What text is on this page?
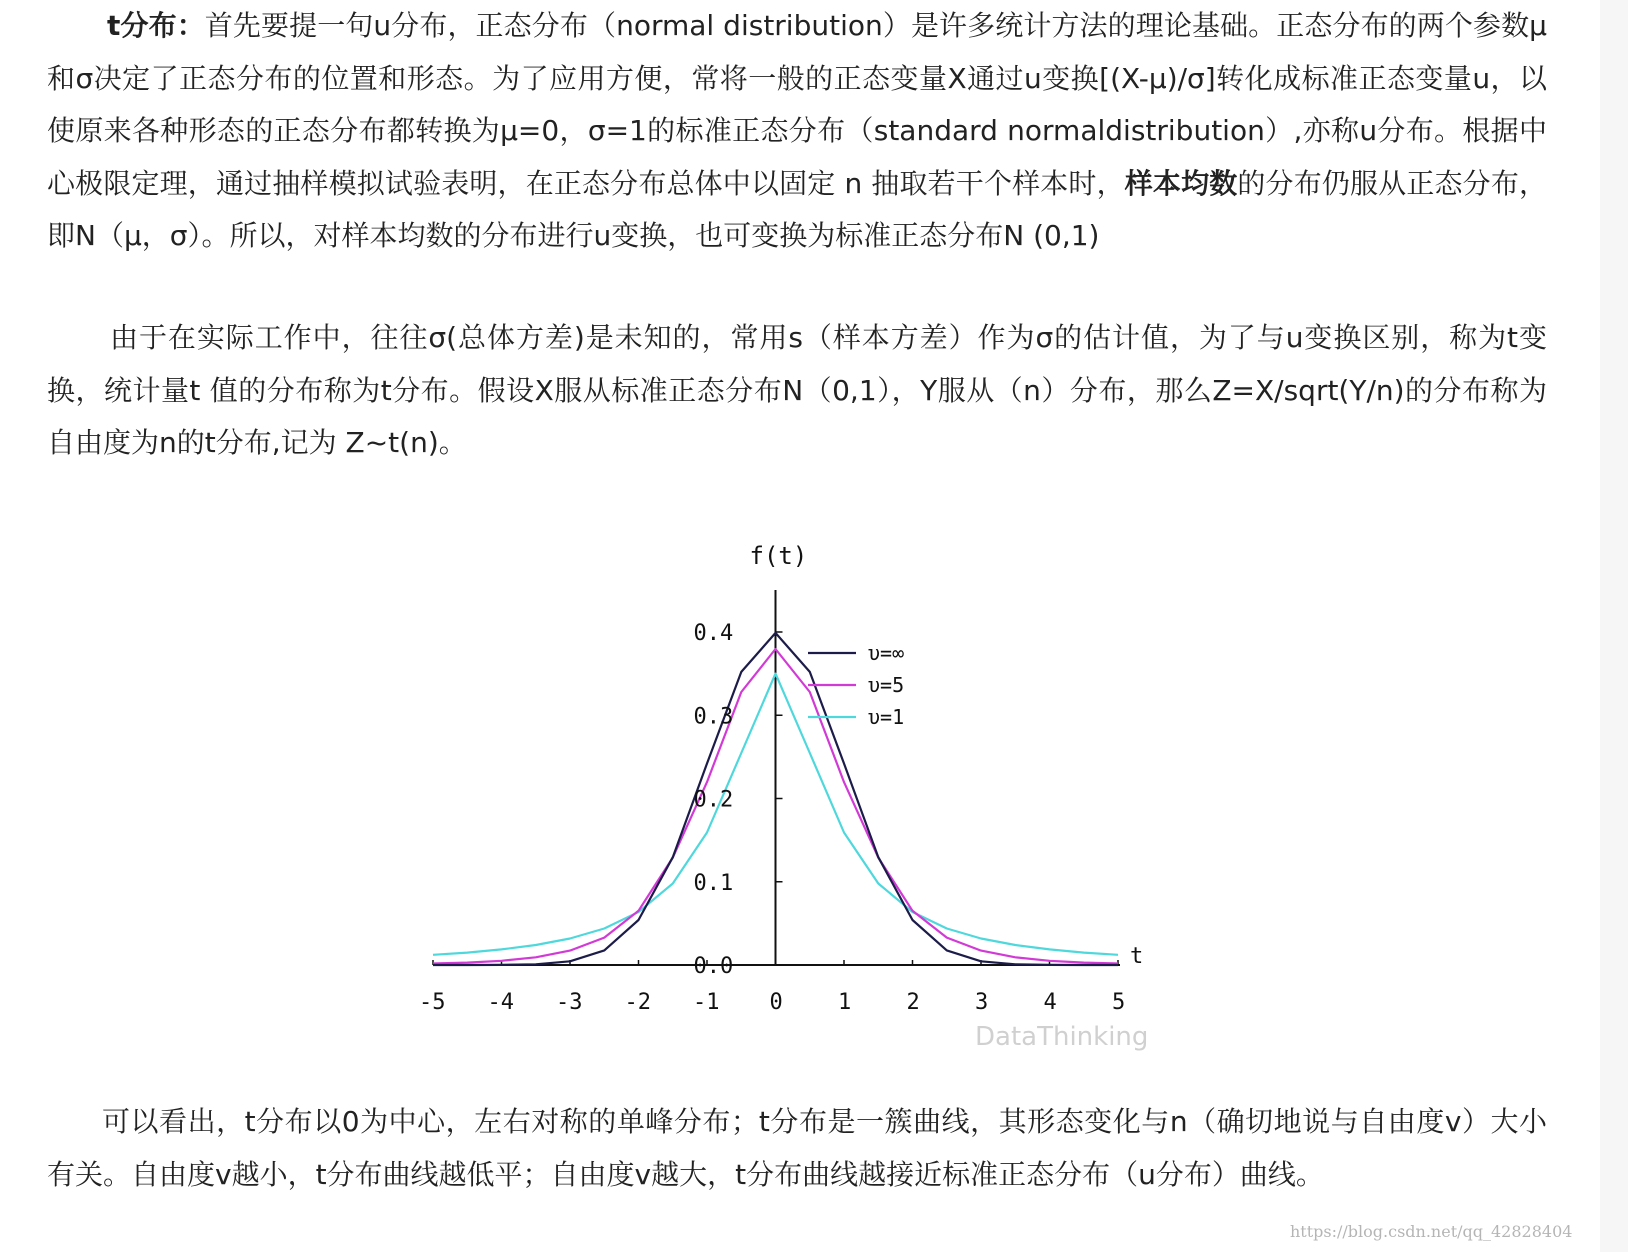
t分布：首先要提一句u分布，正态分布（normal distribution）是许多统计方法的理论基础。正态分布的两个参数μ和σ决定了正态分布的位置和形态。为了应用方便，常将一般的正态变量X通过u变换[(X-μ)/σ]转化成标准正态变量u，以使原来各种形态的正态分布都转换为μ=0，σ=1的标准正态分布（standard normaldistribution）,亦称u分布。根据中心极限定理，通过抽样模拟试验表明，在正态分布总体中以固定 n 抽取若干个样本时，样本均数的分布仍服从正态分布，即N（μ，σ）。所以，对样本均数的分布进行u变换，也可变换为标准正态分布N (0,1)

由于在实际工作中，往往σ(总体方差)是未知的，常用s（样本方差）作为σ的估计值，为了与u变换区别，称为t变换，统计量t 值的分布称为t分布。假设X服从标准正态分布N（0,1），Y服从（n）分布，那么Z=X/sqrt(Y/n)的分布称为自由度为n的t分布,记为 Z~t(n)。

-5 -4 -3 -2 -1 0	1	2	3	4	5
0.0
0.1
0.2
0.3
0.4
f(t)
t
υ=∞
υ=5
υ=1
DataThinking

可以看出，t分布以0为中心，左右对称的单峰分布；t分布是一簇曲线，其形态变化与n（确切地说与自由度v）大小有关。自由度v越小，t分布曲线越低平；自由度v越大，t分布曲线越接近标准正态分布（u分布）曲线。

https://blog.csdn.net/qq_42828404
